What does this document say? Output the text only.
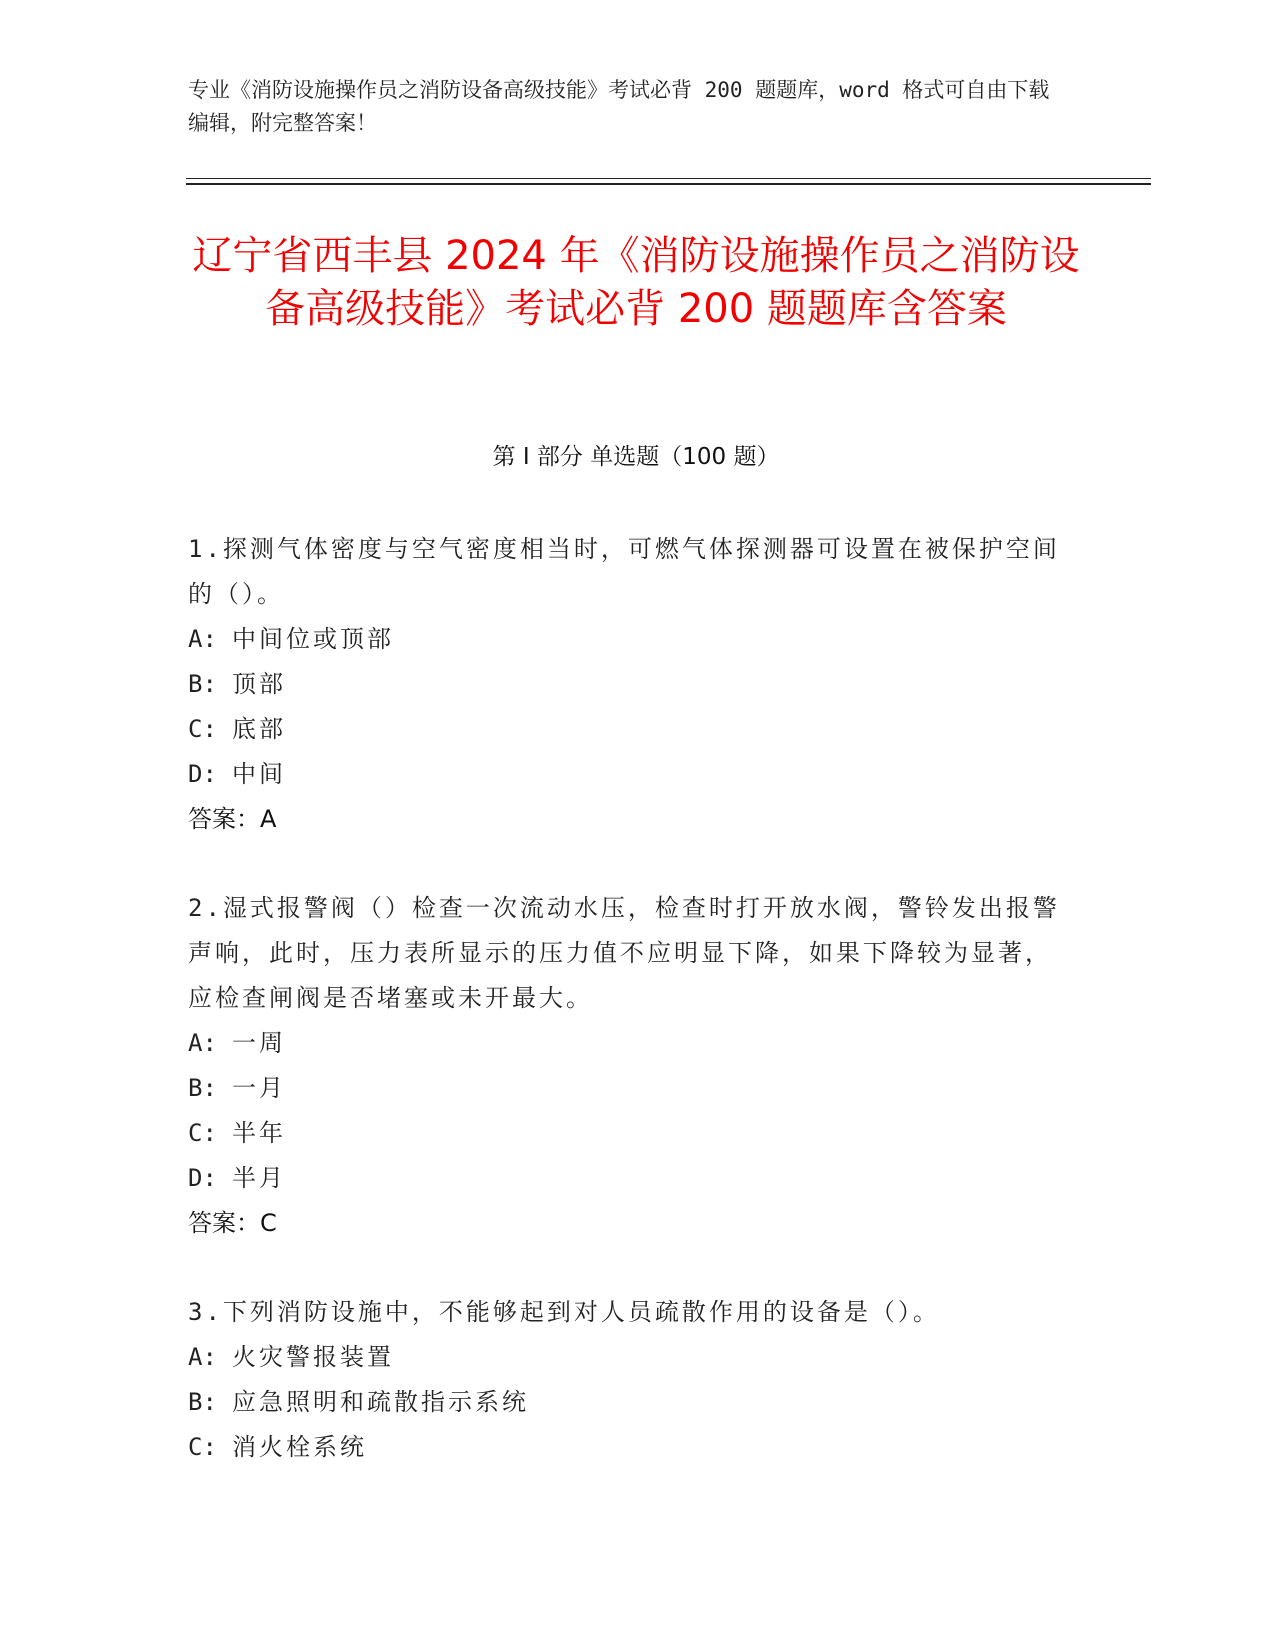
专业《消防设施操作员之消防设备高级技能》考试必背 200 题题库，word 格式可自由下载编辑，附完整答案！
辽宁省西丰县 2024 年《消防设施操作员之消防设备高级技能》考试必背 200 题题库含答案
第 I 部分 单选题（100 题）
1.探测气体密度与空气密度相当时，可燃气体探测器可设置在被保护空间的（）。
A: 中间位或顶部
B: 顶部
C: 底部
D: 中间
答案：A
2.湿式报警阀（）检查一次流动水压，检查时打开放水阀，警铃发出报警声响，此时，压力表所显示的压力值不应明显下降，如果下降较为显著，应检查闸阀是否堵塞或未开最大。
A: 一周
B: 一月
C: 半年
D: 半月
答案：C
3.下列消防设施中，不能够起到对人员疏散作用的设备是（）。
A: 火灾警报装置
B: 应急照明和疏散指示系统
C: 消火栓系统
